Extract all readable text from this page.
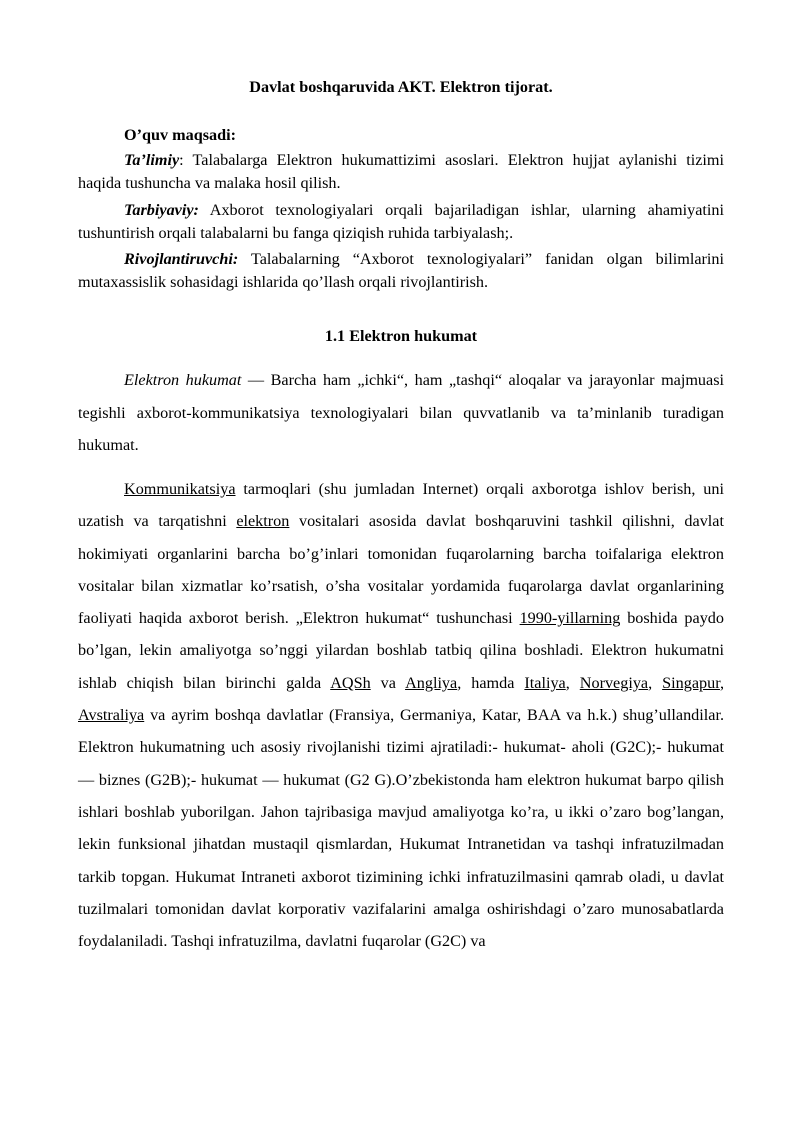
Davlat boshqaruvida AKT. Elektron tijorat.

O’quv maqsadi:

Ta’limiy: Talabalarga Elektron hukumattizimi asoslari. Elektron hujjat aylanishi tizimi haqida tushuncha va malaka hosil qilish.

Tarbiyaviy: Axborot texnologiyalari orqali bajariladigan ishlar, ularning ahamiyatini tushuntirish orqali talabalarni bu fanga qiziqish ruhida tarbiyalash;.

Rivojlantiruvchi: Talabalarning “Axborot texnologiyalari” fanidan olgan bilimlarini mutaxassislik sohasidagi ishlarida qo’llash orqali rivojlantirish.

1.1 Elektron hukumat

Elektron hukumat — Barcha ham „ichki“, ham „tashqi“ aloqalar va jarayonlar majmuasi tegishli axborot-kommunikatsiya texnologiyalari bilan quvvatlanib va ta’minlanib turadigan hukumat.

Kommunikatsiya tarmoqlari (shu jumladan Internet) orqali axborotga ishlov berish, uni uzatish va tarqatishni elektron vositalari asosida davlat boshqaruvini tashkil qilishni, davlat hokimiyati organlarini barcha bo’g’inlari tomonidan fuqarolarning barcha toifalariga elektron vositalar bilan xizmatlar ko’rsatish, o’sha vositalar yordamida fuqarolarga davlat organlarining faoliyati haqida axborot berish. „Elektron hukumat“ tushunchasi 1990-yillarning boshida paydo bo’lgan, lekin amaliyotga so’nggi yilardan boshlab tatbiq qilina boshladi. Elektron hukumatni ishlab chiqish bilan birinchi galda AQSh va Angliya, hamda Italiya, Norvegiya, Singapur, Avstraliya va ayrim boshqa davlatlar (Fransiya, Germaniya, Katar, BAA va h.k.) shug’ullandilar. Elektron hukumatning uch asosiy rivojlanishi tizimi ajratiladi:- hukumat- aholi (G2C);- hukumat — biznes (G2B);- hukumat — hukumat (G2 G).O’zbekistonda ham elektron hukumat barpo qilish ishlari boshlab yuborilgan. Jahon tajribasiga mavjud amaliyotga ko’ra, u ikki o’zaro bog’langan, lekin funksional jihatdan mustaqil qismlardan, Hukumat Intranetidan va tashqi infratuzilmadan tarkib topgan. Hukumat Intraneti axborot tizimining ichki infratuzilmasini qamrab oladi, u davlat tuzilmalari tomonidan davlat korporativ vazifalarini amalga oshirishdagi o’zaro munosabatlarda foydalaniladi. Tashqi infratuzilma, davlatni fuqarolar (G2C) va
